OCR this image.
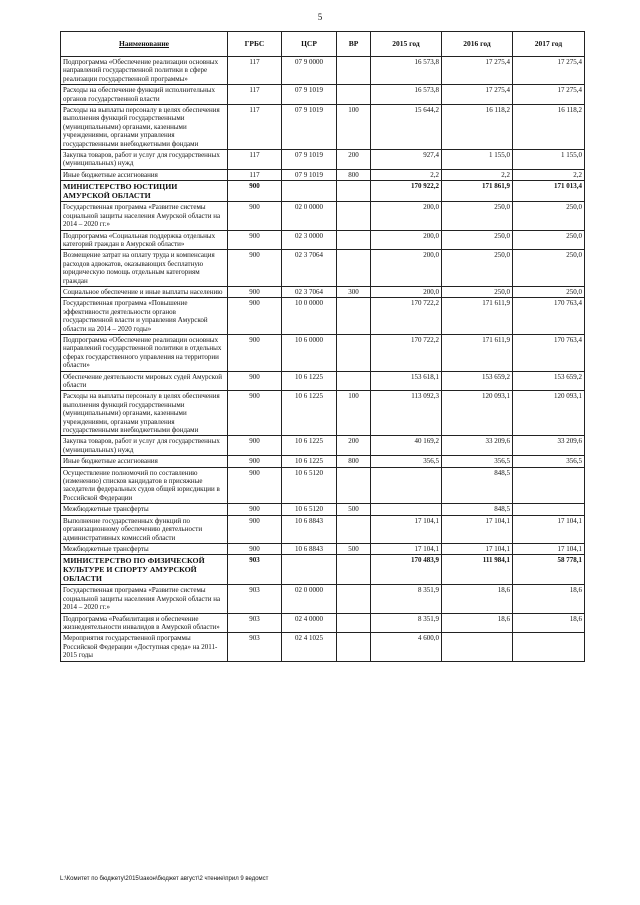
5
Наименование	ГРБС	ЦСР	ВР	2015 год	2016 год	2017 год
Подпрограмма «Обеспечение реализации основных направлений государственной политики в сфере реализации государственной программы»	117	07 9 0000		16 573,8	17 275,4	17 275,4
Расходы на обеспечение функций исполнительных органов государственной власти	117	07 9 1019		16 573,8	17 275,4	17 275,4
Расходы на выплаты персоналу в целях обеспечения выполнения функций государственными (муниципальными) органами, казенными учреждениями, органами управления государственными внебюджетными фондами	117	07 9 1019	100	15 644,2	16 118,2	16 118,2
Закупка товаров, работ и услуг для государственных (муниципальных) нужд	117	07 9 1019	200	927,4	1 155,0	1 155,0
Иные бюджетные ассигнования	117	07 9 1019	800	2,2	2,2	2,2
МИНИСТЕРСТВО ЮСТИЦИИ АМУРСКОЙ ОБЛАСТИ	900			170 922,2	171 861,9	171 013,4
Государственная программа «Развитие системы социальной защиты населения Амурской области на 2014 – 2020 гг.»	900	02 0 0000		200,0	250,0	250,0
Подпрограмма «Социальная поддержка отдельных категорий граждан в Амурской области»	900	02 3 0000		200,0	250,0	250,0
Возмещение затрат на оплату труда и компенсация расходов адвокатов, оказывающих бесплатную юридическую помощь отдельным категориям граждан	900	02 3 7064		200,0	250,0	250,0
Социальное обеспечение и иные выплаты населению	900	02 3 7064	300	200,0	250,0	250,0
Государственная программа «Повышение эффективности деятельности органов государственной власти и управления Амурской области на 2014 – 2020 годы»	900	10 0 0000		170 722,2	171 611,9	170 763,4
Подпрограмма «Обеспечение реализации основных направлений государственной политики в отдельных сферах государственного управления на территории области»	900	10 6 0000		170 722,2	171 611,9	170 763,4
Обеспечение деятельности мировых судей Амурской области	900	10 6 1225		153 618,1	153 659,2	153 659,2
Расходы на выплаты персоналу в целях обеспечения выполнения функций государственными (муниципальными) органами, казенными учреждениями, органами управления государственными внебюджетными фондами	900	10 6 1225	100	113 092,3	120 093,1	120 093,1
Закупка товаров, работ и услуг для государственных (муниципальных) нужд	900	10 6 1225	200	40 169,2	33 209,6	33 209,6
Иные бюджетные ассигнования	900	10 6 1225	800	356,5	356,5	356,5
Осуществление полномочий по составлению (изменению) списков кандидатов в присяжные заседатели федеральных судов общей юрисдикции в Российской Федерации	900	10 6 5120			848,5	
Межбюджетные трансферты	900	10 6 5120	500		848,5	
Выполнение государственных функций по организационному обеспечению деятельности административных комиссий области	900	10 6 8843		17 104,1	17 104,1	17 104,1
Межбюджетные трансферты	900	10 6 8843	500	17 104,1	17 104,1	17 104,1
МИНИСТЕРСТВО ПО ФИЗИЧЕСКОЙ КУЛЬТУРЕ И СПОРТУ АМУРСКОЙ ОБЛАСТИ	903			170 483,9	111 984,1	58 778,1
Государственная программа «Развитие системы социальной защиты населения Амурской области на 2014 – 2020 гг.»	903	02 0 0000		8 351,9	18,6	18,6
Подпрограмма «Реабилитация и обеспечение жизнедеятельности инвалидов в Амурской области»	903	02 4 0000		8 351,9	18,6	18,6
Мероприятия государственной программы Российской Федерации «Доступная среда» на 2011-2015 годы	903	02 4 1025		4 600,0		
L:\Комитет по бюджету\2015\закон\бюджет август\2 чтение\прил 9 ведомст
